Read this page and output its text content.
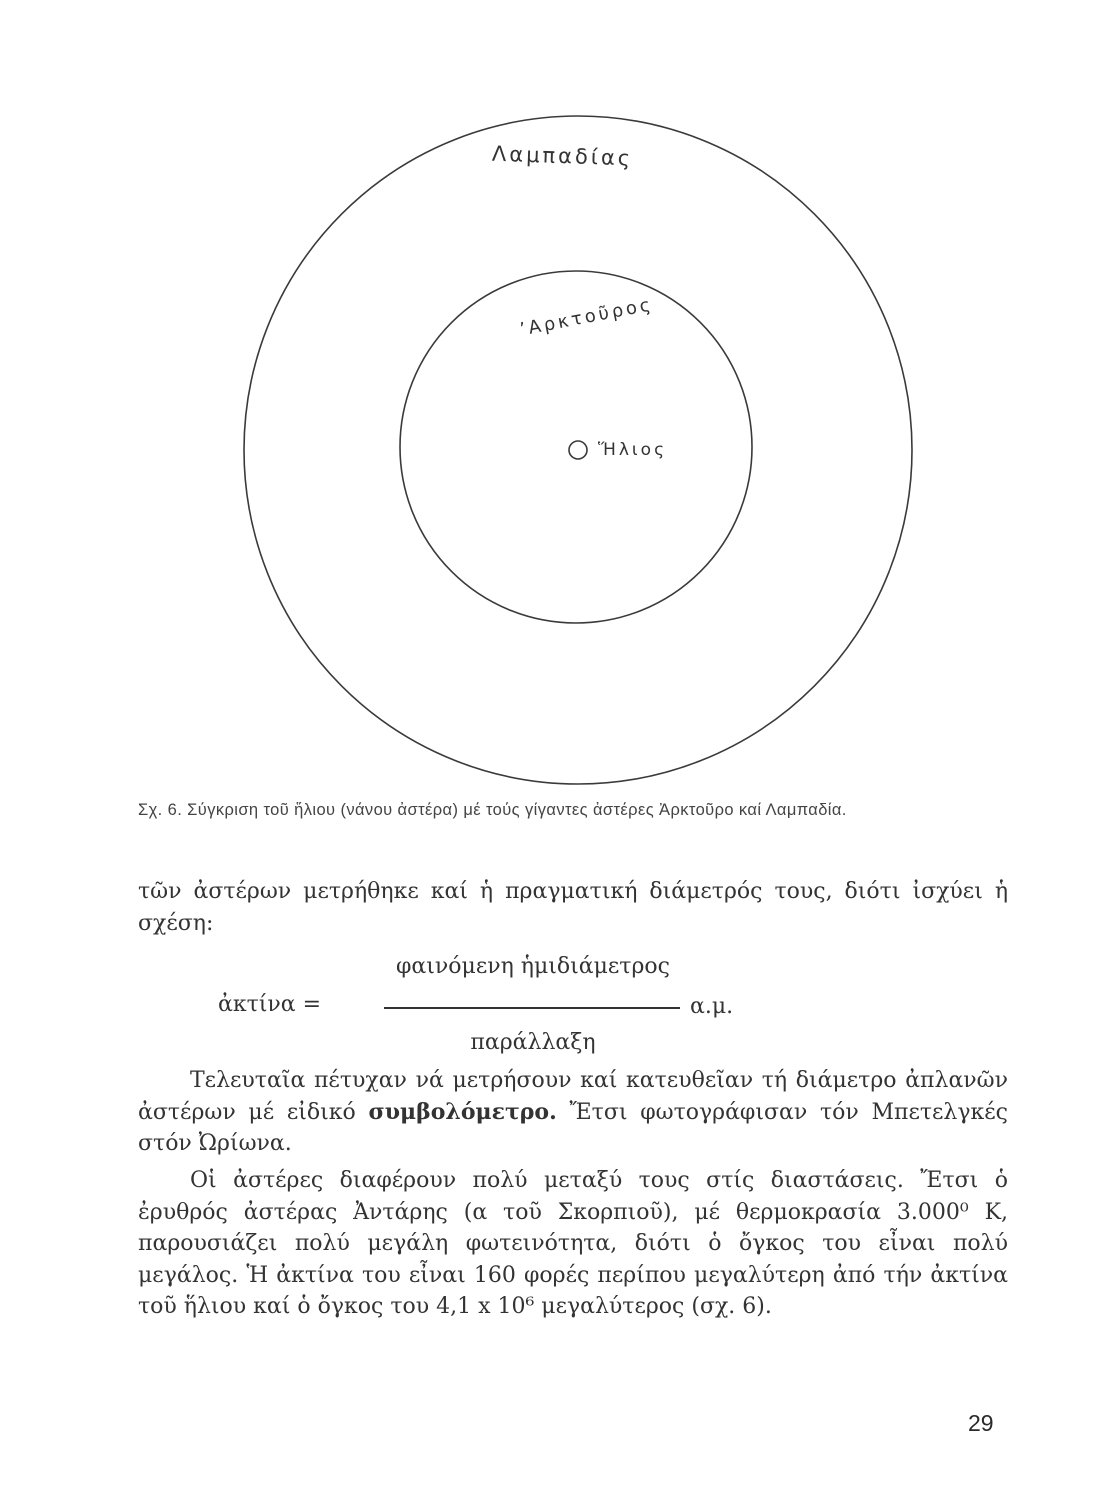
Λαμπαδίας
ʼΑρκτοῦρος
Ἥλιος
Σχ. 6. Σύγκριση τοῦ ἥλιου (νάνου ἀστέρα) μέ τούς γίγαντες ἀστέρες Ἀρκτοῦρο καί Λαμπαδία.
τῶν ἀστέρων μετρήθηκε καί ἡ πραγματική διάμετρός τους, διότι ἰσχύει ἡ σχέση:
φαινόμενη ἡμιδιάμετρος
ἀκτίνα =	α.μ.
παράλλαξη
Τελευταῖα πέτυχαν νά μετρήσουν καί κατευθεῖαν τή διάμετρο ἀπλανῶν ἀστέρων μέ εἰδικό συμβολόμετρο. Ἔτσι φωτογράφισαν τόν Μπετελγκές στόν Ὠρίωνα.
Οἱ ἀστέρες διαφέρουν πολύ μεταξύ τους στίς διαστάσεις. Ἔτσι ὁ ἐρυθρός ἀστέρας Ἀντάρης (α τοῦ Σκορπιοῦ), μέ θερμοκρασία 3.000⁰ Κ, παρουσιάζει πολύ μεγάλη φωτεινότητα, διότι ὁ ὄγκος του εἶναι πολύ μεγάλος. Ἡ ἀκτίνα του εἶναι 160 φορές περίπου μεγαλύτερη ἀπό τήν ἀκτίνα τοῦ ἥλιου καί ὁ ὄγκος του 4,1 x 10⁶ μεγαλύτερος (σχ. 6).
29
